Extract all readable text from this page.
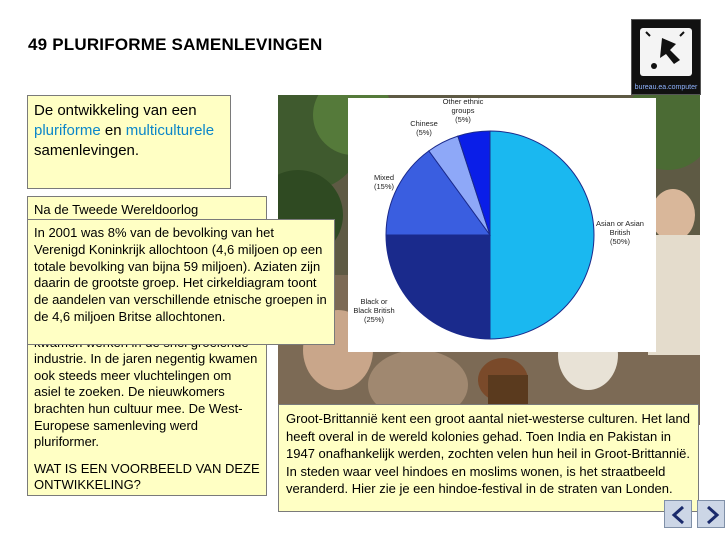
49 PLURIFORME SAMENLEVINGEN
bureau.ea.computer
Asian or Asian British (50%)
Black or Black British (25%)
Mixed (15%)
Chinese (5%)
Other ethnic groups (5%)
De ontwikkeling van een pluriforme en multiculturele samenlevingen.

Na de Tweede Wereldoorlog

industrie. In de jaren negentig kwamen ook steeds meer vluchtelingen om asiel te zoeken. De nieuwkomers brachten hun cultuur mee. De West-Europese samenleving werd pluriformer.

WAT IS EEN VOORBEELD VAN DEZE ONTWIKKELING?

In 2001 was 8% van de bevolking van het Verenigd Koninkrijk allochtoon (4,6 miljoen op een totale bevolking van bijna 59 miljoen). Aziaten zijn daarin de grootste groep. Het cirkeldiagram toont de aandelen van verschillende etnische groepen in de 4,6 miljoen Britse allochtonen.
Groot-Brittannië kent een groot aantal niet-westerse culturen. Het land heeft overal in de wereld kolonies gehad. Toen India en Pakistan in 1947 onafhankelijk werden, zochten velen hun heil in Groot-Brittannië. In steden waar veel hindoes en moslims wonen, is het straatbeeld veranderd. Hier zie je een hindoe-festival in de straten van Londen.
